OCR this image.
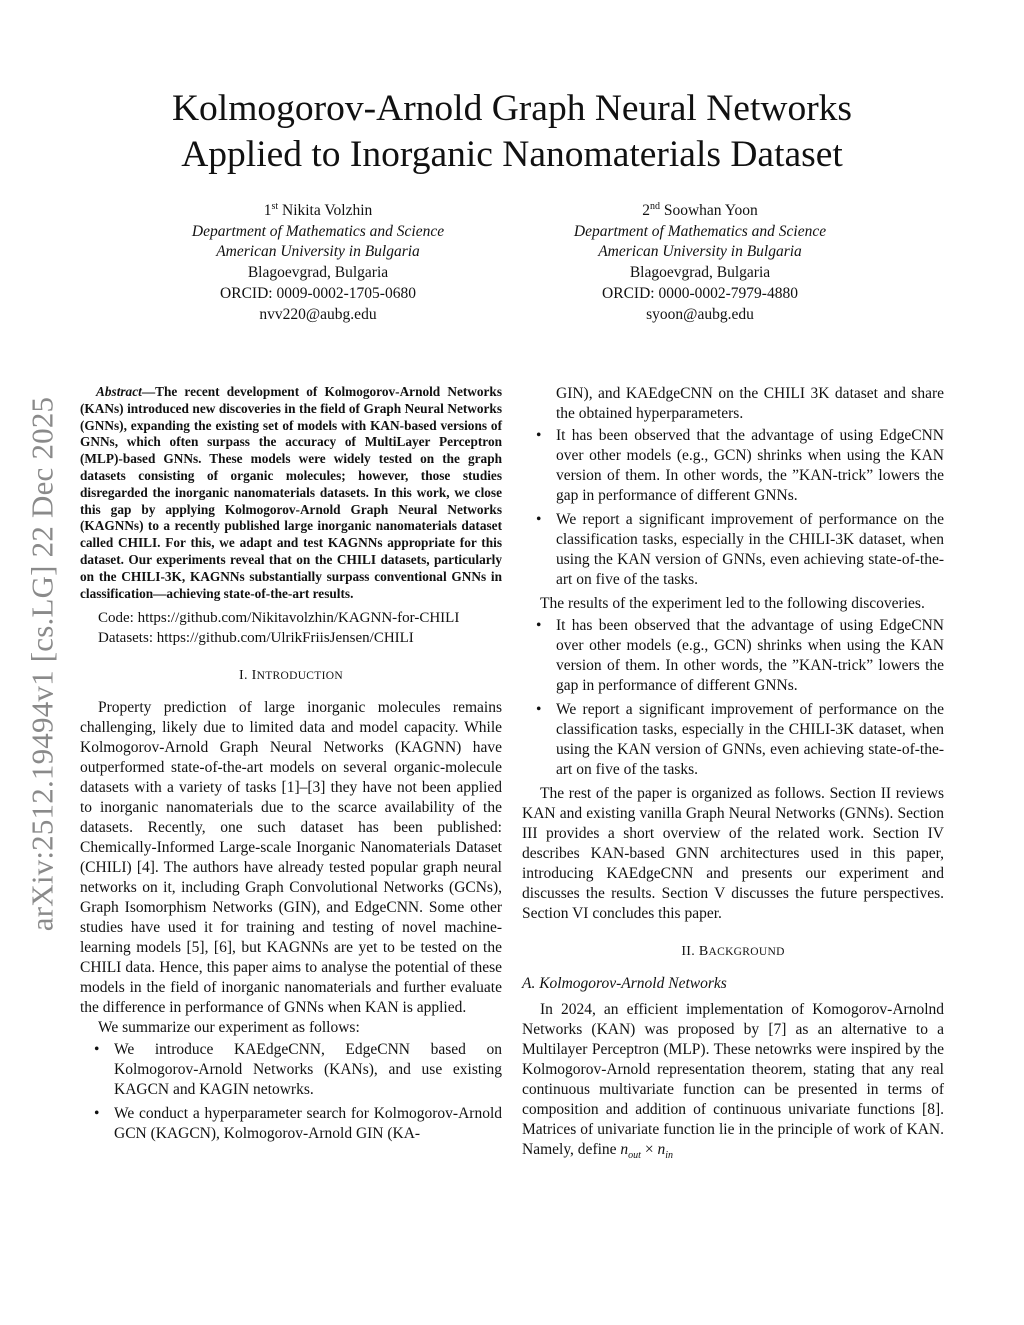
arXiv:2512.19494v1 [cs.LG] 22 Dec 2025
Kolmogorov-Arnold Graph Neural Networks
Applied to Inorganic Nanomaterials Dataset
1st Nikita Volzhin
Department of Mathematics and Science
American University in Bulgaria
Blagoevgrad, Bulgaria
ORCID: 0009-0002-1705-0680
nvv220@aubg.edu
2nd Soowhan Yoon
Department of Mathematics and Science
American University in Bulgaria
Blagoevgrad, Bulgaria
ORCID: 0000-0002-7979-4880
syoon@aubg.edu

Abstract—The recent development of Kolmogorov-Arnold Networks (KANs) introduced new discoveries in the field of Graph Neural Networks (GNNs), expanding the existing set of models with KAN-based versions of GNNs, which often surpass the accuracy of MultiLayer Perceptron (MLP)-based GNNs. These models were widely tested on the graph datasets consisting of organic molecules; however, those studies disregarded the inorganic nanomaterials datasets. In this work, we close this gap by applying Kolmogorov-Arnold Graph Neural Networks (KAGNNs) to a recently published large inorganic nanomaterials dataset called CHILI. For this, we adapt and test KAGNNs appropriate for this dataset. Our experiments reveal that on the CHILI datasets, particularly on the CHILI-3K, KAGNNs substantially surpass conventional GNNs in classification—achieving state-of-the-art results.

Code: https://github.com/Nikitavolzhin/KAGNN-for-CHILI
Datasets: https://github.com/UlrikFriisJensen/CHILI
I. INTRODUCTION

Property prediction of large inorganic molecules remains challenging, likely due to limited data and model capacity. While Kolmogorov-Arnold Graph Neural Networks (KAGNN) have outperformed state-of-the-art models on several organic-molecule datasets with a variety of tasks [1]–[3] they have not been applied to inorganic nanomaterials due to the scarce availability of the datasets. Recently, one such dataset has been published: Chemically-Informed Large-scale Inorganic Nanomaterials Dataset (CHILI) [4]. The authors have already tested popular graph neural networks on it, including Graph Convolutional Networks (GCNs), Graph Isomorphism Networks (GIN), and EdgeCNN. Some other studies have used it for training and testing of novel machine-learning models [5], [6], but KAGNNs are yet to be tested on the CHILI data. Hence, this paper aims to analyse the potential of these models in the field of inorganic nanomaterials and further evaluate the difference in performance of GNNs when KAN is applied.

We summarize our experiment as follows:

• We introduce KAEdgeCNN, EdgeCNN based on Kolmogorov-Arnold Networks (KANs), and use existing KAGCN and KAGIN netowrks.
• We conduct a hyperparameter search for Kolmogorov-Arnold GCN (KAGCN), Kolmogorov-Arnold GIN (KA-

GIN), and KAEdgeCNN on the CHILI 3K dataset and share the obtained hyperparameters.

• It has been observed that the advantage of using EdgeCNN over other models (e.g., GCN) shrinks when using the KAN version of them. In other words, the ”KAN-trick” lowers the gap in performance of different GNNs.
• We report a significant improvement of performance on the classification tasks, especially in the CHILI-3K dataset, when using the KAN version of GNNs, even achieving state-of-the-art on five of the tasks.

The results of the experiment led to the following discoveries.

• It has been observed that the advantage of using EdgeCNN over other models (e.g., GCN) shrinks when using the KAN version of them. In other words, the ”KAN-trick” lowers the gap in performance of different GNNs.
• We report a significant improvement of performance on the classification tasks, especially in the CHILI-3K dataset, when using the KAN version of GNNs, even achieving state-of-the-art on five of the tasks.

The rest of the paper is organized as follows. Section II reviews KAN and existing vanilla Graph Neural Networks (GNNs). Section III provides a short overview of the related work. Section IV describes KAN-based GNN architectures used in this paper, introducing KAEdgeCNN and presents our experiment and discusses the results. Section V discusses the future perspectives. Section VI concludes this paper.

II. BACKGROUND
A. Kolmogorov-Arnold Networks

In 2024, an efficient implementation of Komogorov-Arnolnd Networks (KAN) was proposed by [7] as an alternative to a Multilayer Perceptron (MLP). These netowrks were inspired by the Kolmogorov-Arnold representation theorem, stating that any real continuous multivariate function can be presented in terms of composition and addition of continuous univariate functions [8]. Matrices of univariate function lie in the principle of work of KAN. Namely, define $n_{out} \times n_{in}$
